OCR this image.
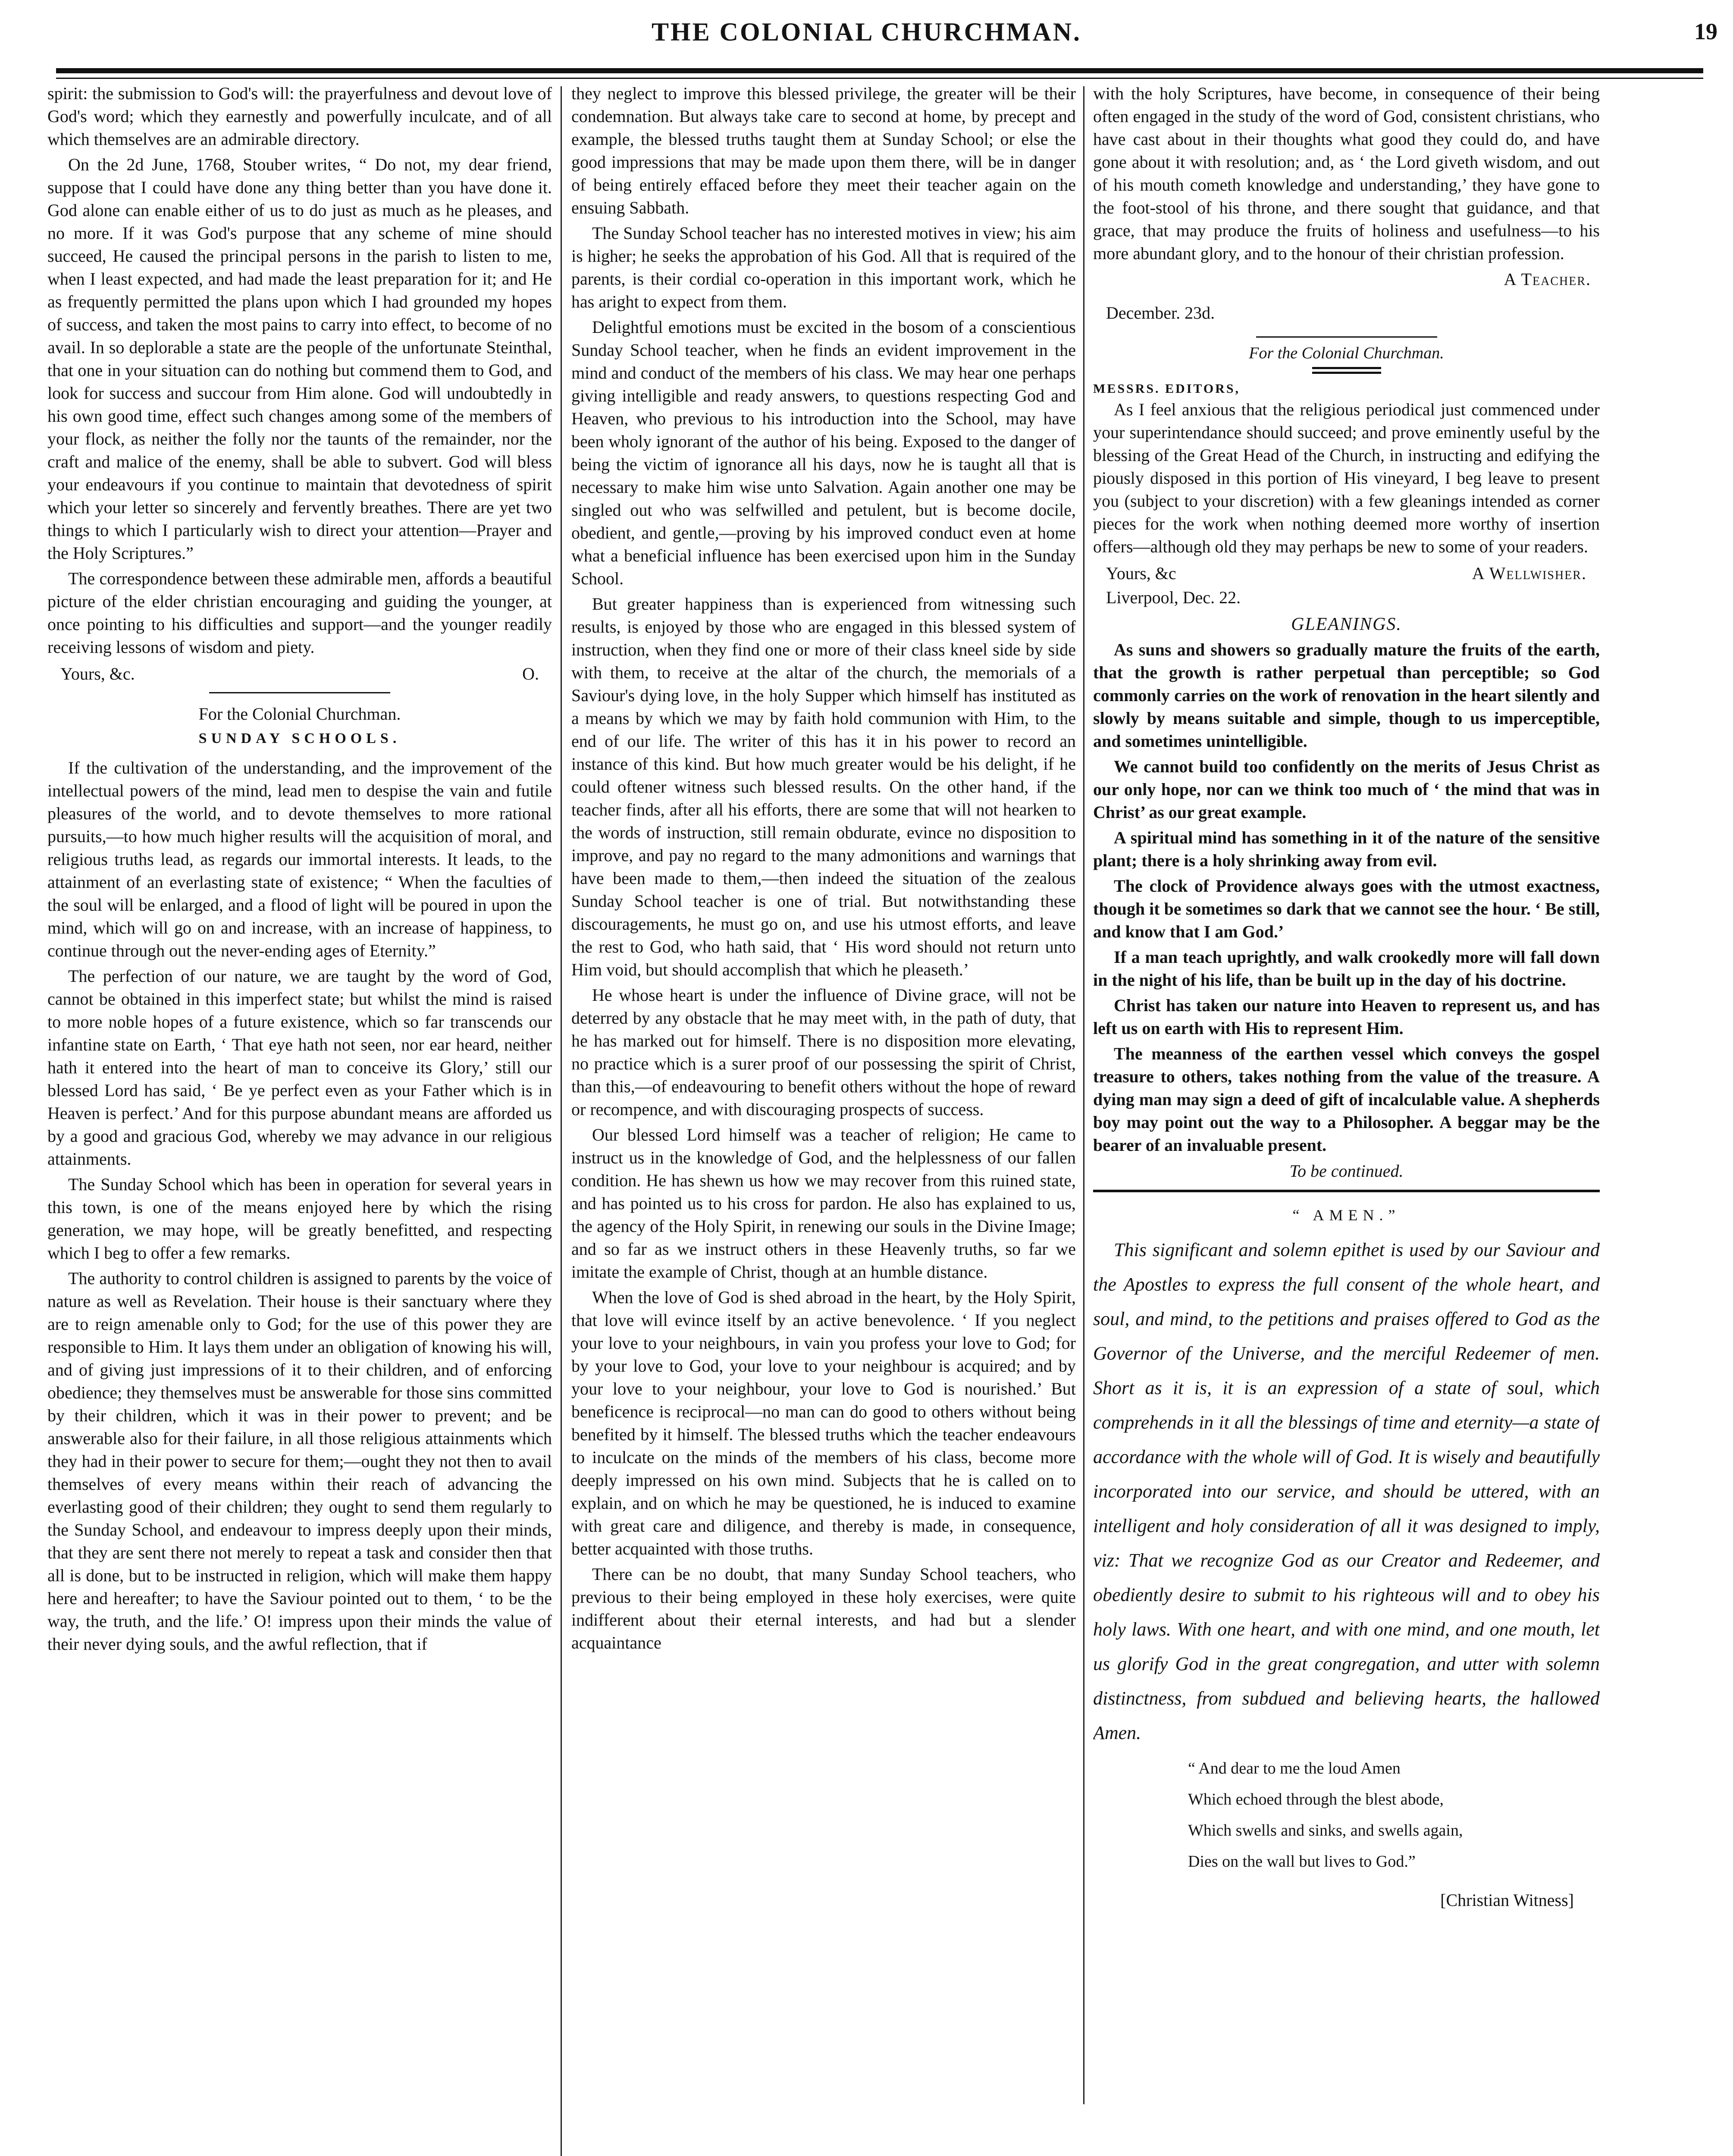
THE COLONIAL CHURCHMAN.	19

spirit: the submission to God's will: the prayerfulness and devout love of God's word; which they earnestly and powerfully inculcate, and of all which themselves are an admirable directory.

On the 2d June, 1768, Stouber writes, “ Do not, my dear friend, suppose that I could have done any thing better than you have done it. God alone can enable either of us to do just as much as he pleases, and no more. If it was God's purpose that any scheme of mine should succeed, He caused the principal persons in the parish to listen to me, when I least expected, and had made the least preparation for it; and He as frequently permitted the plans upon which I had grounded my hopes of success, and taken the most pains to carry into effect, to become of no avail. In so deplorable a state are the people of the unfortunate Steinthal, that one in your situation can do nothing but commend them to God, and look for success and succour from Him alone. God will undoubtedly in his own good time, effect such changes among some of the members of your flock, as neither the folly nor the taunts of the remainder, nor the craft and malice of the enemy, shall be able to subvert. God will bless your endeavours if you continue to maintain that devotedness of spirit which your letter so sincerely and fervently breathes. There are yet two things to which I particularly wish to direct your attention—Prayer and the Holy Scriptures.”

The correspondence between these admirable men, affords a beautiful picture of the elder christian encouraging and guiding the younger, at once pointing to his difficulties and support—and the younger readily receiving lessons of wisdom and piety.

Yours, &c.	O.
For the Colonial Churchman.
SUNDAY SCHOOLS.

If the cultivation of the understanding, and the improvement of the intellectual powers of the mind, lead men to despise the vain and futile pleasures of the world, and to devote themselves to more rational pursuits,—to how much higher results will the acquisition of moral, and religious truths lead, as regards our immortal interests. It leads, to the attainment of an everlasting state of existence; “ When the faculties of the soul will be enlarged, and a flood of light will be poured in upon the mind, which will go on and increase, with an increase of happiness, to continue through out the never-ending ages of Eternity.”

The perfection of our nature, we are taught by the word of God, cannot be obtained in this imperfect state; but whilst the mind is raised to more noble hopes of a future existence, which so far transcends our infantine state on Earth, ‘ That eye hath not seen, nor ear heard, neither hath it entered into the heart of man to conceive its Glory,’ still our blessed Lord has said, ‘ Be ye perfect even as your Father which is in Heaven is perfect.’ And for this purpose abundant means are afforded us by a good and gracious God, whereby we may advance in our religious attainments.

The Sunday School which has been in operation for several years in this town, is one of the means enjoyed here by which the rising generation, we may hope, will be greatly benefitted, and respecting which I beg to offer a few remarks.

The authority to control children is assigned to parents by the voice of nature as well as Revelation. Their house is their sanctuary where they are to reign amenable only to God; for the use of this power they are responsible to Him. It lays them under an obligation of knowing his will, and of giving just impressions of it to their children, and of enforcing obedience; they themselves must be answerable for those sins committed by their children, which it was in their power to prevent; and be answerable also for their failure, in all those religious attainments which they had in their power to secure for them;—ought they not then to avail themselves of every means within their reach of advancing the everlasting good of their children; they ought to send them regularly to the Sunday School, and endeavour to impress deeply upon their minds, that they are sent there not merely to repeat a task and consider then that all is done, but to be instructed in religion, which will make them happy here and hereafter; to have the Saviour pointed out to them, ‘ to be the way, the truth, and the life.’ O! impress upon their minds the value of their never dying souls, and the awful reflection, that if

they neglect to improve this blessed privilege, the greater will be their condemnation. But always take care to second at home, by precept and example, the blessed truths taught them at Sunday School; or else the good impressions that may be made upon them there, will be in danger of being entirely effaced before they meet their teacher again on the ensuing Sabbath.

The Sunday School teacher has no interested motives in view; his aim is higher; he seeks the approbation of his God. All that is required of the parents, is their cordial co-operation in this important work, which he has aright to expect from them.

Delightful emotions must be excited in the bosom of a conscientious Sunday School teacher, when he finds an evident improvement in the mind and conduct of the members of his class. We may hear one perhaps giving intelligible and ready answers, to questions respecting God and Heaven, who previous to his introduction into the School, may have been wholy ignorant of the author of his being. Exposed to the danger of being the victim of ignorance all his days, now he is taught all that is necessary to make him wise unto Salvation. Again another one may be singled out who was selfwilled and petulent, but is become docile, obedient, and gentle,—proving by his improved conduct even at home what a beneficial influence has been exercised upon him in the Sunday School.

But greater happiness than is experienced from witnessing such results, is enjoyed by those who are engaged in this blessed system of instruction, when they find one or more of their class kneel side by side with them, to receive at the altar of the church, the memorials of a Saviour's dying love, in the holy Supper which himself has instituted as a means by which we may by faith hold communion with Him, to the end of our life. The writer of this has it in his power to record an instance of this kind. But how much greater would be his delight, if he could oftener witness such blessed results. On the other hand, if the teacher finds, after all his efforts, there are some that will not hearken to the words of instruction, still remain obdurate, evince no disposition to improve, and pay no regard to the many admonitions and warnings that have been made to them,—then indeed the situation of the zealous Sunday School teacher is one of trial. But notwithstanding these discouragements, he must go on, and use his utmost efforts, and leave the rest to God, who hath said, that ‘ His word should not return unto Him void, but should accomplish that which he pleaseth.’

He whose heart is under the influence of Divine grace, will not be deterred by any obstacle that he may meet with, in the path of duty, that he has marked out for himself. There is no disposition more elevating, no practice which is a surer proof of our possessing the spirit of Christ, than this,—of endeavouring to benefit others without the hope of reward or recompence, and with discouraging prospects of success.

Our blessed Lord himself was a teacher of religion; He came to instruct us in the knowledge of God, and the helplessness of our fallen condition. He has shewn us how we may recover from this ruined state, and has pointed us to his cross for pardon. He also has explained to us, the agency of the Holy Spirit, in renewing our souls in the Divine Image; and so far as we instruct others in these Heavenly truths, so far we imitate the example of Christ, though at an humble distance.

When the love of God is shed abroad in the heart, by the Holy Spirit, that love will evince itself by an active benevolence. ‘ If you neglect your love to your neighbours, in vain you profess your love to God; for by your love to God, your love to your neighbour is acquired; and by your love to your neighbour, your love to God is nourished.’ But beneficence is reciprocal—no man can do good to others without being benefited by it himself. The blessed truths which the teacher endeavours to inculcate on the minds of the members of his class, become more deeply impressed on his own mind. Subjects that he is called on to explain, and on which he may be questioned, he is induced to examine with great care and diligence, and thereby is made, in consequence, better acquainted with those truths.

There can be no doubt, that many Sunday School teachers, who previous to their being employed in these holy exercises, were quite indifferent about their eternal interests, and had but a slender acquaintance

with the holy Scriptures, have become, in consequence of their being often engaged in the study of the word of God, consistent christians, who have cast about in their thoughts what good they could do, and have gone about it with resolution; and, as ‘ the Lord giveth wisdom, and out of his mouth cometh knowledge and understanding,’ they have gone to the foot-stool of his throne, and there sought that guidance, and that grace, that may produce the fruits of holiness and usefulness—to his more abundant glory, and to the honour of their christian profession.

A Teacher.
December. 23d.
For the Colonial Churchman.
MESSRS. EDITORS,

As I feel anxious that the religious periodical just commenced under your superintendance should succeed; and prove eminently useful by the blessing of the Great Head of the Church, in instructing and edifying the piously disposed in this portion of His vineyard, I beg leave to present you (subject to your discretion) with a few gleanings intended as corner pieces for the work when nothing deemed more worthy of insertion offers—although old they may perhaps be new to some of your readers.

Yours, &c	A Wellwisher.
Liverpool, Dec. 22.
GLEANINGS.

As suns and showers so gradually mature the fruits of the earth, that the growth is rather perpetual than perceptible; so God commonly carries on the work of renovation in the heart silently and slowly by means suitable and simple, though to us imperceptible, and sometimes unintelligible.

We cannot build too confidently on the merits of Jesus Christ as our only hope, nor can we think too much of ‘ the mind that was in Christ’ as our great example.

A spiritual mind has something in it of the nature of the sensitive plant; there is a holy shrinking away from evil.

The clock of Providence always goes with the utmost exactness, though it be sometimes so dark that we cannot see the hour. ‘ Be still, and know that I am God.’

If a man teach uprightly, and walk crookedly more will fall down in the night of his life, than be built up in the day of his doctrine.

Christ has taken our nature into Heaven to represent us, and has left us on earth with His to represent Him.

The meanness of the earthen vessel which conveys the gospel treasure to others, takes nothing from the value of the treasure. A dying man may sign a deed of gift of incalculable value. A shepherds boy may point out the way to a Philosopher. A beggar may be the bearer of an invaluable present.

To be continued.
“ AMEN.”

This significant and solemn epithet is used by our Saviour and the Apostles to express the full consent of the whole heart, and soul, and mind, to the petitions and praises offered to God as the Governor of the Universe, and the merciful Redeemer of men. Short as it is, it is an expression of a state of soul, which comprehends in it all the blessings of time and eternity—a state of accordance with the whole will of God. It is wisely and beautifully incorporated into our service, and should be uttered, with an intelligent and holy consideration of all it was designed to imply, viz: That we recognize God as our Creator and Redeemer, and obediently desire to submit to his righteous will and to obey his holy laws. With one heart, and with one mind, and one mouth, let us glorify God in the great congregation, and utter with solemn distinctness, from subdued and believing hearts, the hallowed Amen.

“ And dear to me the loud Amen
Which echoed through the blest abode,
Which swells and sinks, and swells again,
Dies on the wall but lives to God.”
[Christian Witness]
